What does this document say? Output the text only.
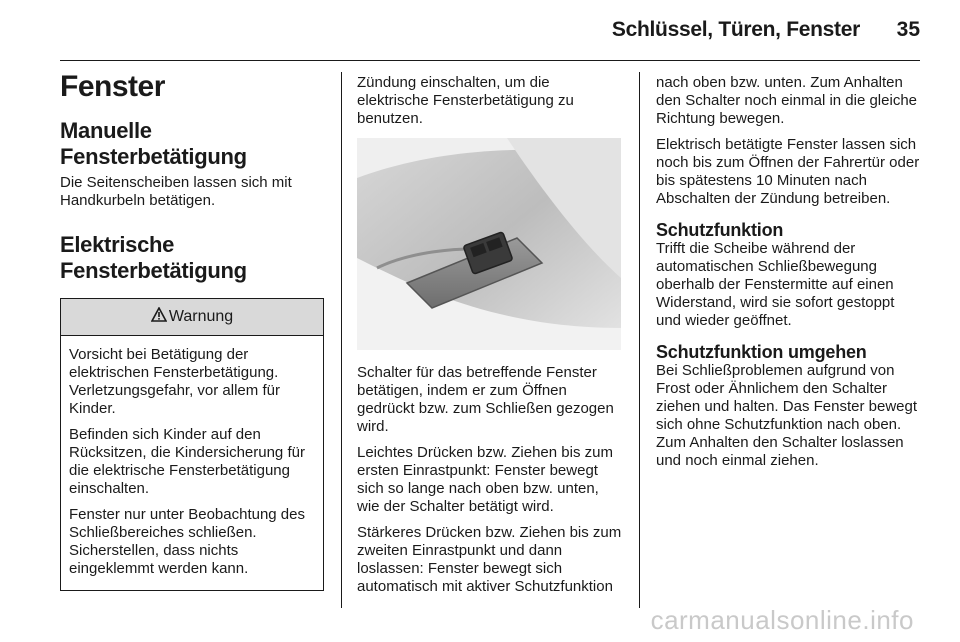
Schlüssel, Türen, Fenster	35
Fenster
Manuelle Fensterbetätigung

Die Seitenscheiben lassen sich mit Handkurbeln betätigen.

Elektrische Fensterbetätigung
Warnung

Vorsicht bei Betätigung der elektrischen Fensterbetätigung. Verletzungsgefahr, vor allem für Kinder.

Befinden sich Kinder auf den Rücksitzen, die Kindersicherung für die elektrische Fensterbetätigung einschalten.

Fenster nur unter Beobachtung des Schließbereiches schließen. Sicherstellen, dass nichts eingeklemmt werden kann.

Zündung einschalten, um die elektrische Fensterbetätigung zu benutzen.

Schalter für das betreffende Fenster betätigen, indem er zum Öffnen gedrückt bzw. zum Schließen gezogen wird.

Leichtes Drücken bzw. Ziehen bis zum ersten Einrastpunkt: Fenster bewegt sich so lange nach oben bzw. unten, wie der Schalter betätigt wird.

Stärkeres Drücken bzw. Ziehen bis zum zweiten Einrastpunkt und dann loslassen: Fenster bewegt sich automatisch mit aktiver Schutzfunktion

nach oben bzw. unten. Zum Anhalten den Schalter noch einmal in die gleiche Richtung bewegen.

Elektrisch betätigte Fenster lassen sich noch bis zum Öffnen der Fahrertür oder bis spätestens 10 Minuten nach Abschalten der Zündung betreiben.

Schutzfunktion

Trifft die Scheibe während der automatischen Schließbewegung oberhalb der Fenstermitte auf einen Widerstand, wird sie sofort gestoppt und wieder geöffnet.

Schutzfunktion umgehen

Bei Schließproblemen aufgrund von Frost oder Ähnlichem den Schalter ziehen und halten. Das Fenster bewegt sich ohne Schutzfunktion nach oben. Zum Anhalten den Schalter loslassen und noch einmal ziehen.

carmanualsonline.info
